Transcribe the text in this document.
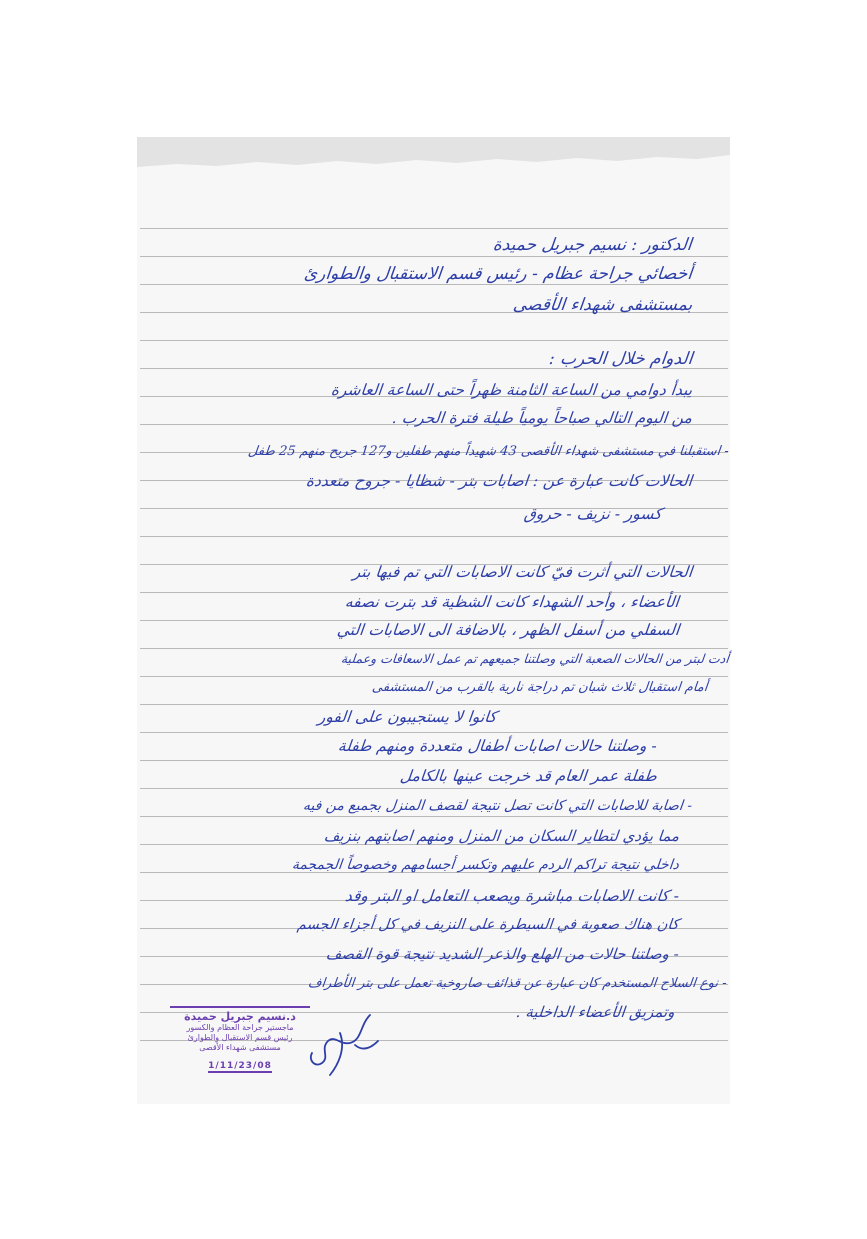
الدكتور : نسيم جبريل حميدة
أخصائي جراحة عظام - رئيس قسم الاستقبال والطوارئ
بمستشفى شهداء الأقصى
الدوام خلال الحرب :
يبدأ دوامي من الساعة الثامنة ظهراً حتى الساعة العاشرة
من اليوم التالي صباحاً يومياً طيلة فترة الحرب .
- استقبلنا في مستشفى شهداء الأقصى 43 شهيداً منهم طفلين و127 جريح منهم 25 طفل
الحالات كانت عبارة عن : اصابات بتر - شظايا - جروح متعددة
كسور - نزيف - حروق
الحالات التي أثرت فيّ كانت الاصابات التي تم فيها بتر
الأعضاء ، وأحد الشهداء كانت الشظية قد بترت نصفه
السفلي من أسفل الظهر ، بالاضافة الى الاصابات التي
أدت لبتر من الحالات الصعبة التي وصلتنا جميعهم تم عمل الاسعافات وعملية
أمام استقبال ثلاث شبان تم دراجة نارية بالقرب من المستشفى
كانوا لا يستجيبون على الفور
- وصلتنا حالات اصابات أطفال متعددة ومنهم طفلة
طفلة عمر العام قد خرجت عينها بالكامل
- اصابة للاصابات التي كانت تصل نتيجة لقصف المنزل بجميع من فيه
مما يؤدي لتطاير السكان من المنزل ومنهم اصابتهم بنزيف
داخلي نتيجة تراكم الردم عليهم وتكسر أجسامهم وخصوصاً الجمجمة
- كانت الاصابات مباشرة ويصعب التعامل او البتر وقد
كان هناك صعوبة في السيطرة على النزيف في كل أجزاء الجسم
- وصلتنا حالات من الهلع والذعر الشديد نتيجة قوة القصف
- نوع السلاح المستخدم كان عبارة عن قذائف صاروخية تعمل على بتر الأطراف
وتمزيق الأعضاء الداخلية .
د.نسيم جبريل حميدة
ماجستير جراحة العظام والكسور
رئيس قسم الاستقبال والطوارئ
مستشفى شهداء الأقصى
1/11/23/08
